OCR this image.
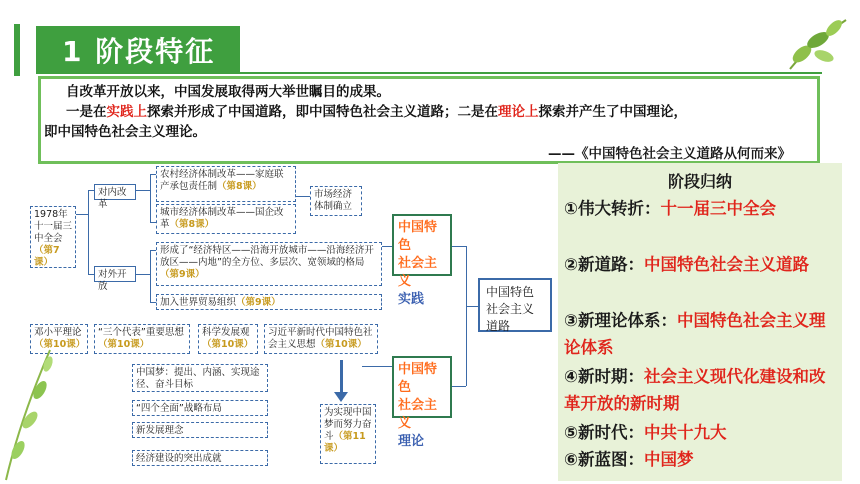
1 阶段特征
自改革开放以来，中国发展取得两大举世瞩目的成果。
一是在实践上探索并形成了中国道路，即中国特色社会主义道路；二是在理论上探索并产生了中国理论，
即中国特色社会主义理论。
——《中国特色社会主义道路从何而来》
1978年十一届三中全会（第7课）
对内改革
对外开放
农村经济体制改革——家庭联产承包责任制（第8课）
城市经济体制改革——国企改革（第8课）
市场经济体制确立
形成了“经济特区——沿海开放城市——沿海经济开放区——内地”的全方位、多层次、宽领域的格局（第9课）
加入世界贸易组织（第9课）
中国特色
社会主义
实践
中国特色
社会主义
理论
中国特色社会主义道路
邓小平理论（第10课）
“三个代表”重要思想（第10课）
科学发展观（第10课）
习近平新时代中国特色社会主义思想（第10课）
中国梦：提出、内涵、实现途径、奋斗目标
“四个全面”战略布局
新发展理念
经济建设的突出成就
为实现中国梦而努力奋斗（第11课）
阶段归纳
①伟大转折：十一届三中全会
②新道路：中国特色社会主义道路
③新理论体系：中国特色社会主义理论体系
④新时期：社会主义现代化建设和改革开放的新时期
⑤新时代：中共十九大
⑥新蓝图：中国梦
